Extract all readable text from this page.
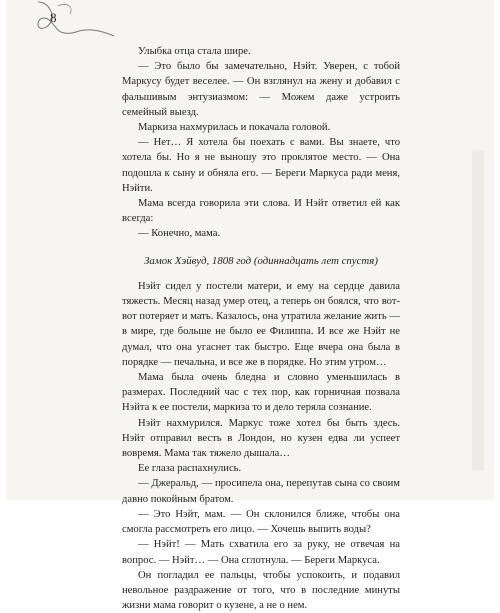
8

Улыбка отца стала шире.

— Это было бы замечательно, Нэйт. Уверен, с тобой Маркусу будет веселее. — Он взглянул на жену и добавил с фальшивым энтузиазмом: — Можем даже устроить семейный выезд.

Маркиза нахмурилась и покачала головой.

— Нет… Я хотела бы поехать с вами. Вы знаете, что хотела бы. Но я не выношу это проклятое место. — Она подошла к сыну и обняла его. — Береги Маркуса ради меня, Нэйти.

Мама всегда говорила эти слова. И Нэйт ответил ей как всегда:

— Конечно, мама.

Замок Хэйвуд, 1808 год (одиннадцать лет спустя)

Нэйт сидел у постели матери, и ему на сердце давила тяжесть. Месяц назад умер отец, а теперь он боялся, что вот-вот потеряет и мать. Казалось, она утратила желание жить — в мире, где больше не было ее Филиппа. И все же Нэйт не думал, что она угаснет так быстро. Еще вчера она была в порядке — печальна, и все же в порядке. Но этим утром…

Мама была очень бледна и словно уменьшилась в размерах. Последний час с тех пор, как горничная позвала Нэйта к ее постели, маркиза то и дело теряла сознание.

Нэйт нахмурился. Маркус тоже хотел бы быть здесь. Нэйт отправил весть в Лондон, но кузен едва ли успеет вовремя. Мама так тяжело дышала…

Ее глаза распахнулись.

— Джеральд, — просипела она, перепутав сына со своим давно покойным братом.

— Это Нэйт, мам. — Он склонился ближе, чтобы она смогла рассмотреть его лицо. — Хочешь выпить воды?

— Нэйт! — Мать схватила его за руку, не отвечая на вопрос. — Нэйт… — Она сглотнула. — Береги Маркуса.

Он погладил ее пальцы, чтобы успокоить, и подавил невольное раздражение от того, что в последние минуты жизни мама говорит о кузене, а не о нем.
